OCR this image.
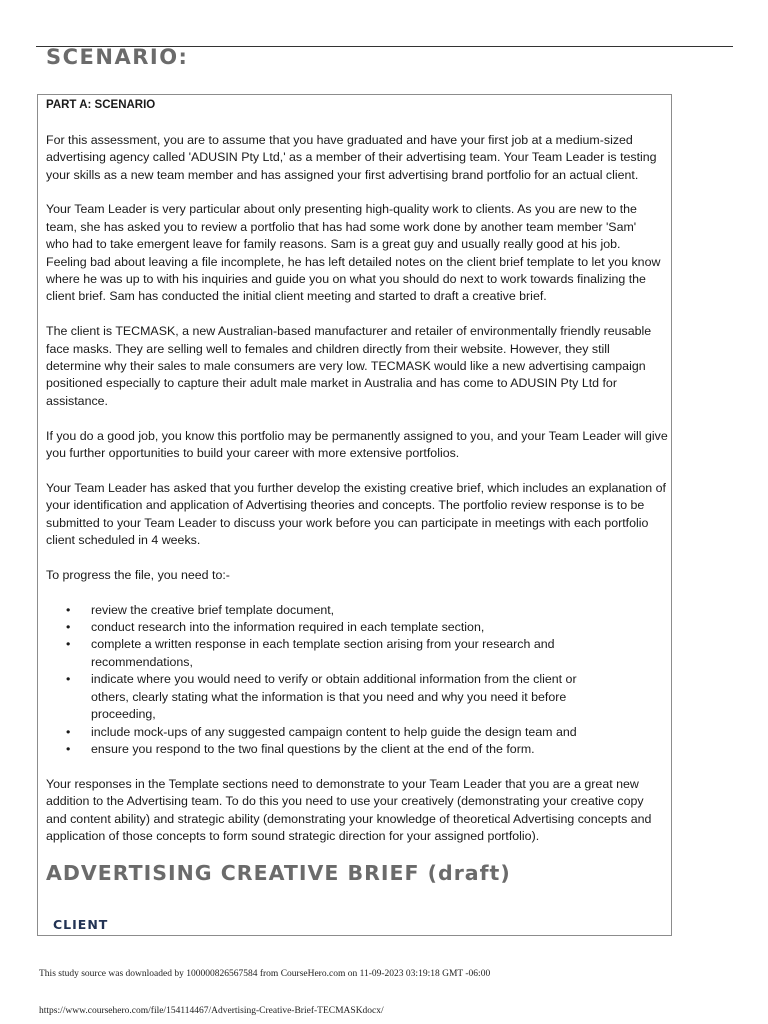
SCENARIO:

PART A: SCENARIO

For this assessment, you are to assume that you have graduated and have your first job at a medium-sized advertising agency called 'ADUSIN Pty Ltd,' as a member of their advertising team. Your Team Leader is testing your skills as a new team member and has assigned your first advertising brand portfolio for an actual client.

Your Team Leader is very particular about only presenting high-quality work to clients. As you are new to the team, she has asked you to review a portfolio that has had some work done by another team member 'Sam' who had to take emergent leave for family reasons. Sam is a great guy and usually really good at his job.

Feeling bad about leaving a file incomplete, he has left detailed notes on the client brief template to let you know where he was up to with his inquiries and guide you on what you should do next to work towards finalizing the client brief. Sam has conducted the initial client meeting and started to draft a creative brief.

The client is TECMASK, a new Australian-based manufacturer and retailer of environmentally friendly reusable face masks. They are selling well to females and children directly from their website. However, they still determine why their sales to male consumers are very low. TECMASK would like a new advertising campaign positioned especially to capture their adult male market in Australia and has come to ADUSIN Pty Ltd for assistance.

If you do a good job, you know this portfolio may be permanently assigned to you, and your Team Leader will give you further opportunities to build your career with more extensive portfolios.

Your Team Leader has asked that you further develop the existing creative brief, which includes an explanation of your identification and application of Advertising theories and concepts. The portfolio review response is to be submitted to your Team Leader to discuss your work before you can participate in meetings with each portfolio client scheduled in 4 weeks.

To progress the file, you need to:-

• review the creative brief template document,
• conduct research into the information required in each template section,
• complete a written response in each template section arising from your research and recommendations,
• indicate where you would need to verify or obtain additional information from the client or others, clearly stating what the information is that you need and why you need it before proceeding,
• include mock-ups of any suggested campaign content to help guide the design team and
• ensure you respond to the two final questions by the client at the end of the form.

Your responses in the Template sections need to demonstrate to your Team Leader that you are a great new addition to the Advertising team. To do this you need to use your creatively (demonstrating your creative copy and content ability) and strategic ability (demonstrating your knowledge of theoretical Advertising concepts and application of those concepts to form sound strategic direction for your assigned portfolio).

ADVERTISING CREATIVE BRIEF (draft)

CLIENT

This study source was downloaded by 100000826567584 from CourseHero.com on 11-09-2023 03:19:18 GMT -06:00

https://www.coursehero.com/file/154114467/Advertising-Creative-Brief-TECMASKdocx/
